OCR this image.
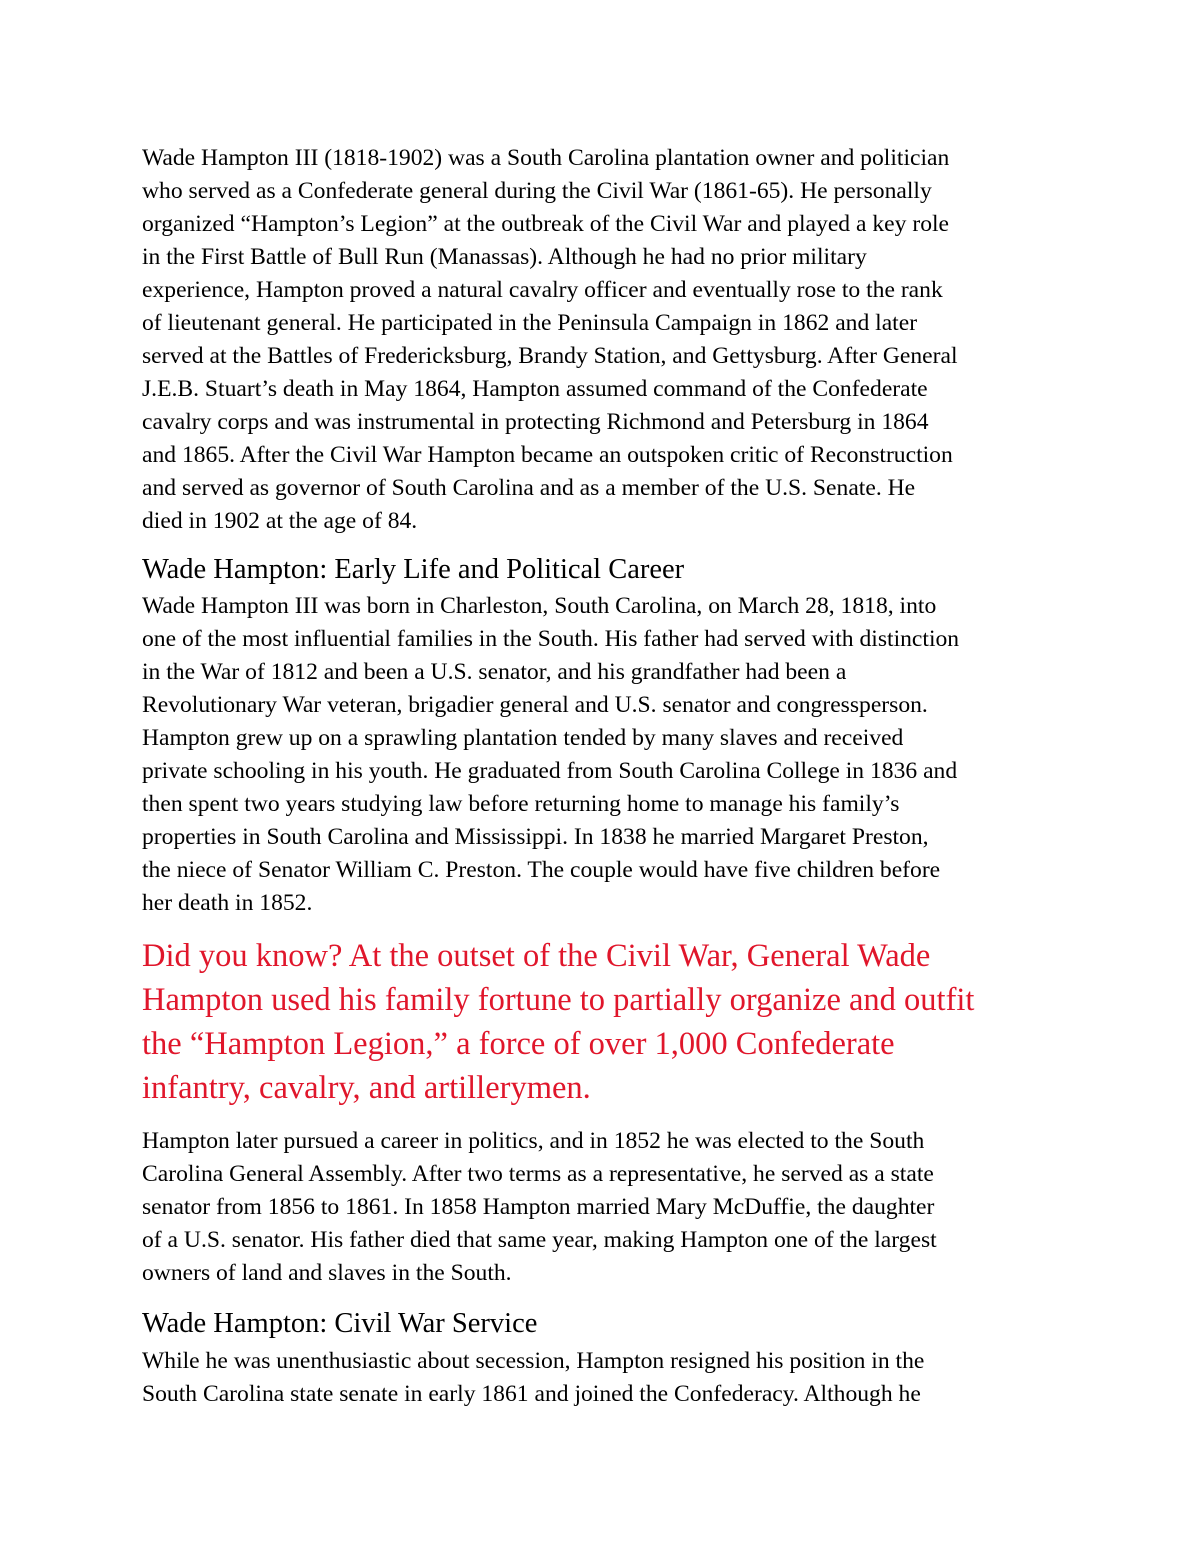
Wade Hampton III (1818-1902) was a South Carolina plantation owner and politician
who served as a Confederate general during the Civil War (1861-65). He personally
organized “Hampton’s Legion” at the outbreak of the Civil War and played a key role
in the First Battle of Bull Run (Manassas). Although he had no prior military
experience, Hampton proved a natural cavalry officer and eventually rose to the rank
of lieutenant general. He participated in the Peninsula Campaign in 1862 and later
served at the Battles of Fredericksburg, Brandy Station, and Gettysburg. After General
J.E.B. Stuart’s death in May 1864, Hampton assumed command of the Confederate
cavalry corps and was instrumental in protecting Richmond and Petersburg in 1864
and 1865. After the Civil War Hampton became an outspoken critic of Reconstruction
and served as governor of South Carolina and as a member of the U.S. Senate. He
died in 1902 at the age of 84.
Wade Hampton: Early Life and Political Career
Wade Hampton III was born in Charleston, South Carolina, on March 28, 1818, into
one of the most influential families in the South. His father had served with distinction
in the War of 1812 and been a U.S. senator, and his grandfather had been a
Revolutionary War veteran, brigadier general and U.S. senator and congressperson.
Hampton grew up on a sprawling plantation tended by many slaves and received
private schooling in his youth. He graduated from South Carolina College in 1836 and
then spent two years studying law before returning home to manage his family’s
properties in South Carolina and Mississippi. In 1838 he married Margaret Preston,
the niece of Senator William C. Preston. The couple would have five children before
her death in 1852.
Did you know? At the outset of the Civil War, General Wade
Hampton used his family fortune to partially organize and outfit
the “Hampton Legion,” a force of over 1,000 Confederate
infantry, cavalry, and artillerymen.
Hampton later pursued a career in politics, and in 1852 he was elected to the South
Carolina General Assembly. After two terms as a representative, he served as a state
senator from 1856 to 1861. In 1858 Hampton married Mary McDuffie, the daughter
of a U.S. senator. His father died that same year, making Hampton one of the largest
owners of land and slaves in the South.
Wade Hampton: Civil War Service
While he was unenthusiastic about secession, Hampton resigned his position in the
South Carolina state senate in early 1861 and joined the Confederacy. Although he
